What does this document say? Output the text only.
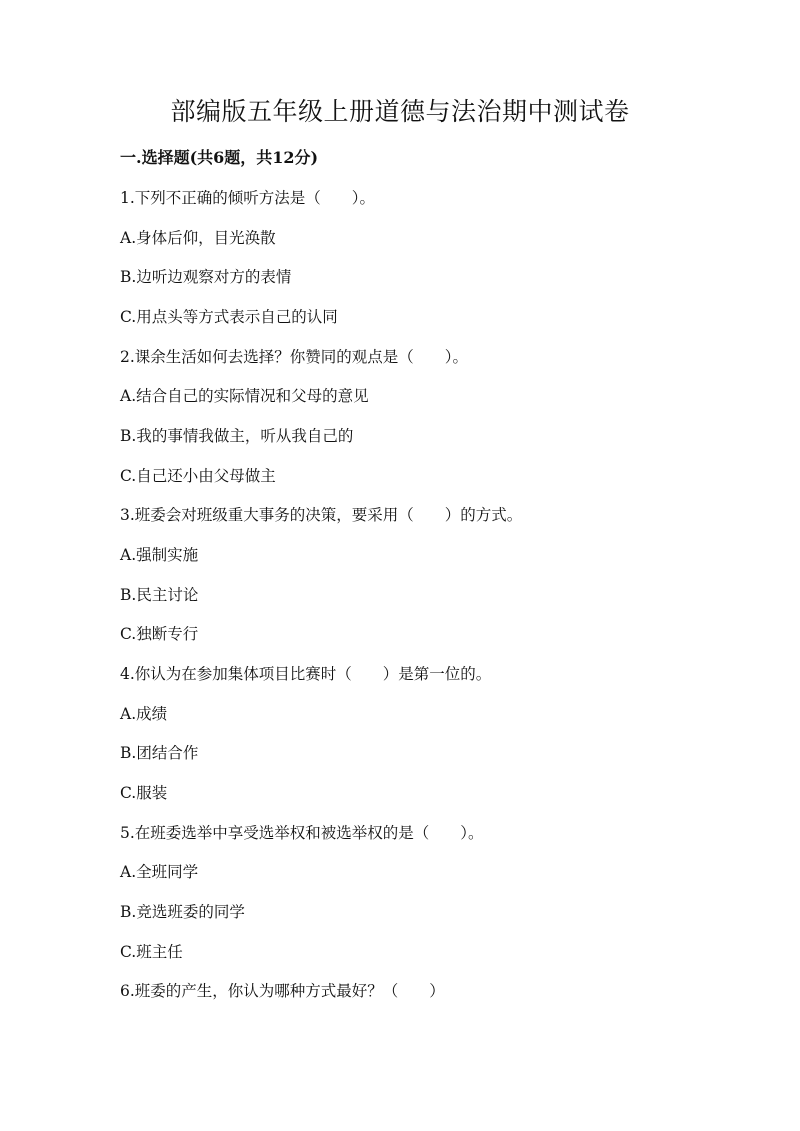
部编版五年级上册道德与法治期中测试卷
一.选择题(共6题，共12分)
1.下列不正确的倾听方法是（　　）。
A.身体后仰，目光涣散
B.边听边观察对方的表情
C.用点头等方式表示自己的认同
2.课余生活如何去选择？你赞同的观点是（　　）。
A.结合自己的实际情况和父母的意见
B.我的事情我做主，听从我自己的
C.自己还小由父母做主
3.班委会对班级重大事务的决策，要采用（　　）的方式。
A.强制实施
B.民主讨论
C.独断专行
4.你认为在参加集体项目比赛时（　　）是第一位的。
A.成绩
B.团结合作
C.服装
5.在班委选举中享受选举权和被选举权的是（　　）。
A.全班同学
B.竞选班委的同学
C.班主任
6.班委的产生，你认为哪种方式最好？（　　）
